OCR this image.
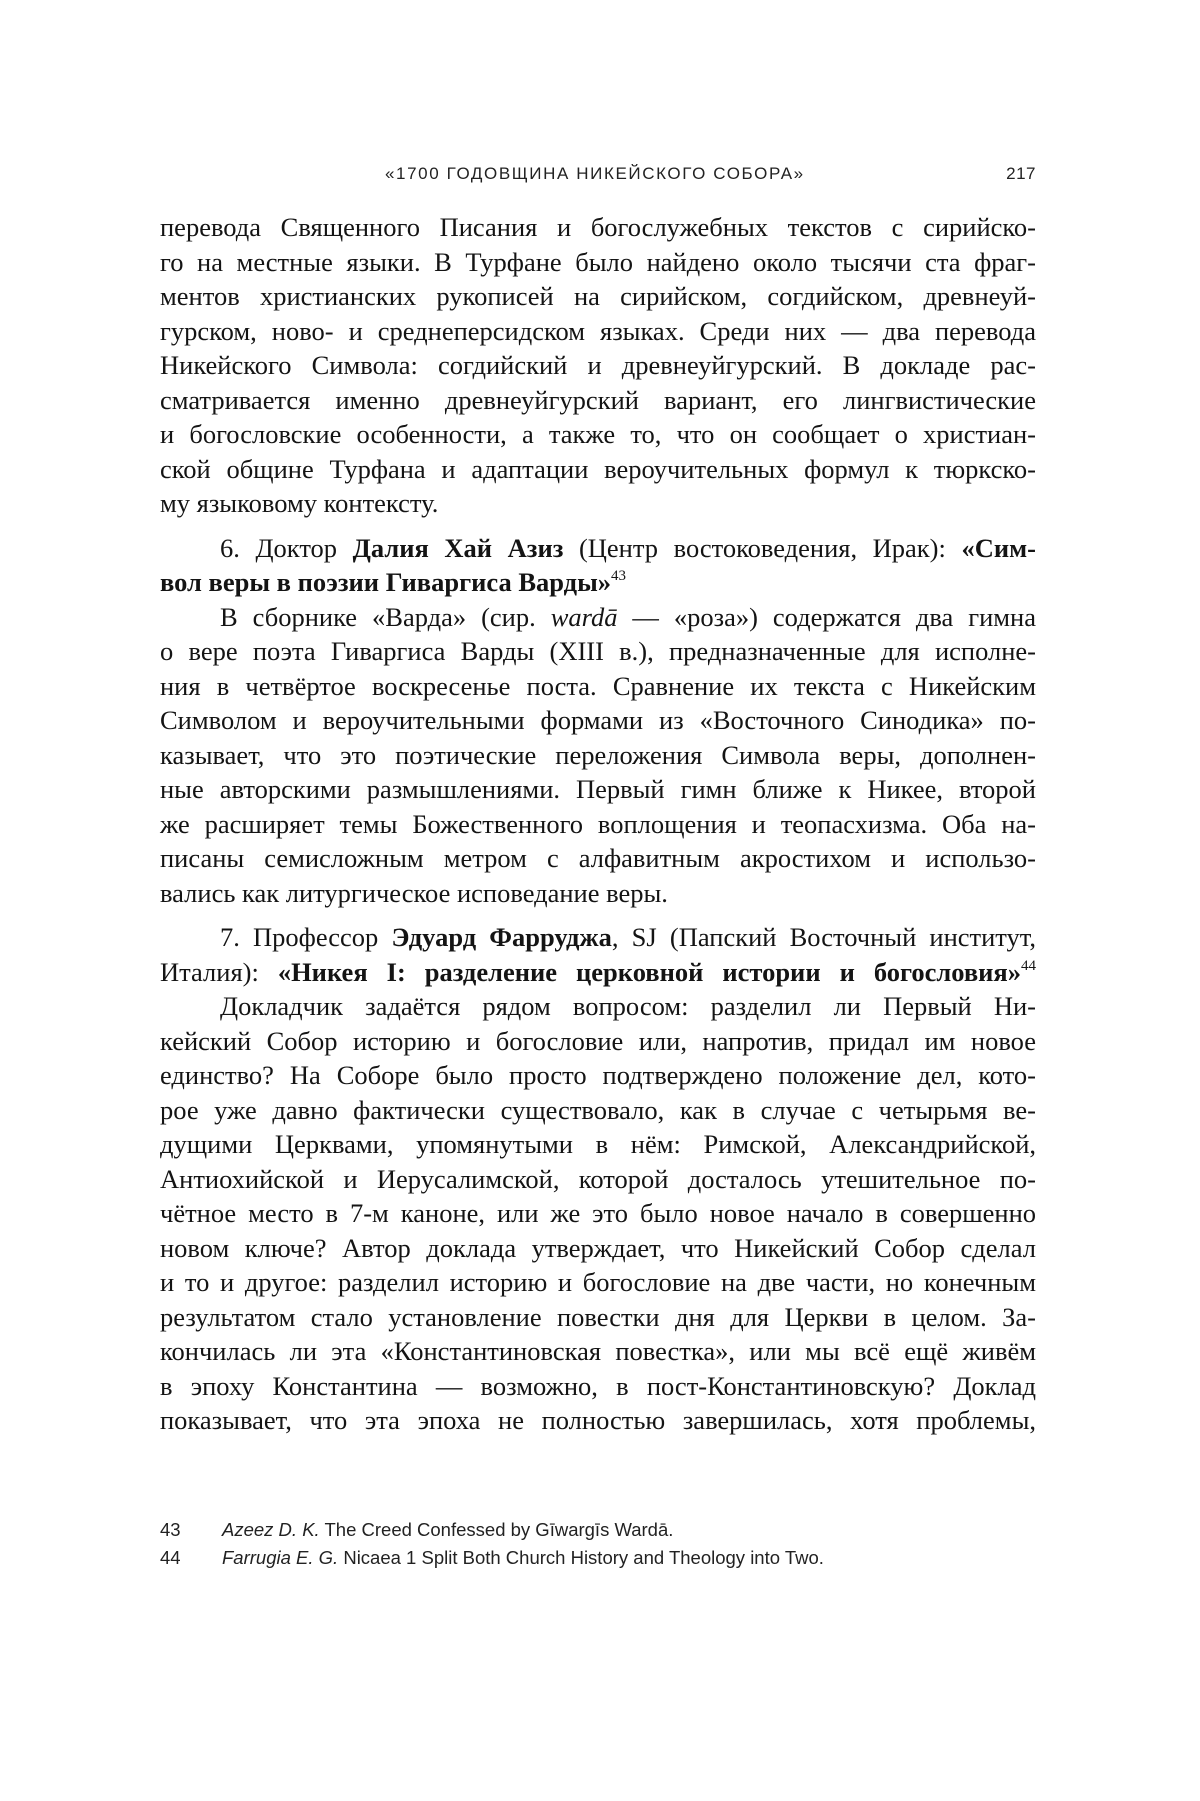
«1700 ГОДОВЩИНА НИКЕЙСКОГО СОБОРА»	217
перевода Священного Писания и богослужебных текстов с сирийско-
го на местные языки. В Турфане было найдено около тысячи ста фраг-
ментов христианских рукописей на сирийском, согдийском, древнеуй-
гурском, ново- и среднеперсидском языках. Среди них — два перевода
Никейского Символа: согдийский и древнеуйгурский. В докладе рас-
сматривается именно древнеуйгурский вариант, его лингвистические
и богословские особенности, а также то, что он сообщает о христиан-
ской общине Турфана и адаптации вероучительных формул к тюркско-
му языковому контексту.
6. Доктор Далия Хай Азиз (Центр востоковедения, Ирак): «Сим-
вол веры в поэзии Гиваргиса Варды»$^{43}$
В сборнике «Варда» (сир. wardā — «роза») содержатся два гимна
о вере поэта Гиваргиса Варды (XIII в.), предназначенные для исполне-
ния в четвёртое воскресенье поста. Сравнение их текста с Никейским
Символом и вероучительными формами из «Восточного Синодика» по-
казывает, что это поэтические переложения Символа веры, дополнен-
ные авторскими размышлениями. Первый гимн ближе к Никее, второй
же расширяет темы Божественного воплощения и теопасхизма. Оба на-
писаны семисложным метром с алфавитным акростихом и использо-
вались как литургическое исповедание веры.
7. Профессор Эдуард Фарруджа, SJ (Папский Восточный институт,
Италия): «Никея I: разделение церковной истории и богословия»$^{44}$
Докладчик задаётся рядом вопросом: разделил ли Первый Ни-
кейский Собор историю и богословие или, напротив, придал им новое
единство? На Соборе было просто подтверждено положение дел, кото-
рое уже давно фактически существовало, как в случае с четырьмя ве-
дущими Церквами, упомянутыми в нём: Римской, Александрийской,
Антиохийской и Иерусалимской, которой досталось утешительное по-
чётное место в 7-м каноне, или же это было новое начало в совершенно
новом ключе? Автор доклада утверждает, что Никейский Собор сделал
и то и другое: разделил историю и богословие на две части, но конечным
результатом стало установление повестки дня для Церкви в целом. За-
кончилась ли эта «Константиновская повестка», или мы всё ещё живём
в эпоху Константина — возможно, в пост-Константиновскую? Доклад
показывает, что эта эпоха не полностью завершилась, хотя проблемы,
43 Azeez D. K. The Creed Confessed by Gīwargīs Wardā.
44 Farrugia E. G. Nicaea 1 Split Both Church History and Theology into Two.
